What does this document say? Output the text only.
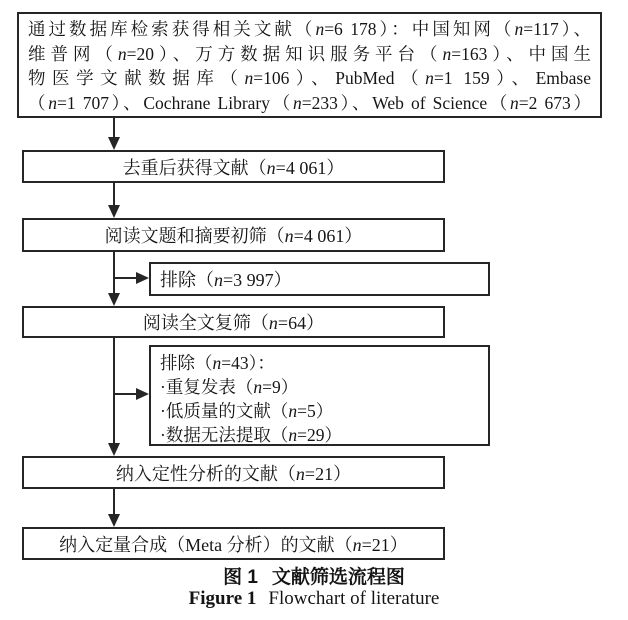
通过数据库检索获得相关文献（n=6 178）：中国知网（n=117）、
维普网（n=20）、万方数据知识服务平台（n=163）、中国生
物医学文献数据库（n=106）、PubMed（n=1 159）、Embase
（n=1 707）、Cochrane Library（n=233）、Web of Science（n=2 673）
去重后获得文献（n=4 061）
阅读文题和摘要初筛（n=4 061）
排除（n=3 997）
阅读全文复筛（n=64）
排除（n=43）：
·重复发表（n=9）
·低质量的文献（n=5）
·数据无法提取（n=29）
纳入定性分析的文献（n=21）
纳入定量合成（Meta 分析）的文献（n=21）
图 1 文献筛选流程图
Figure 1 Flowchart of literature
